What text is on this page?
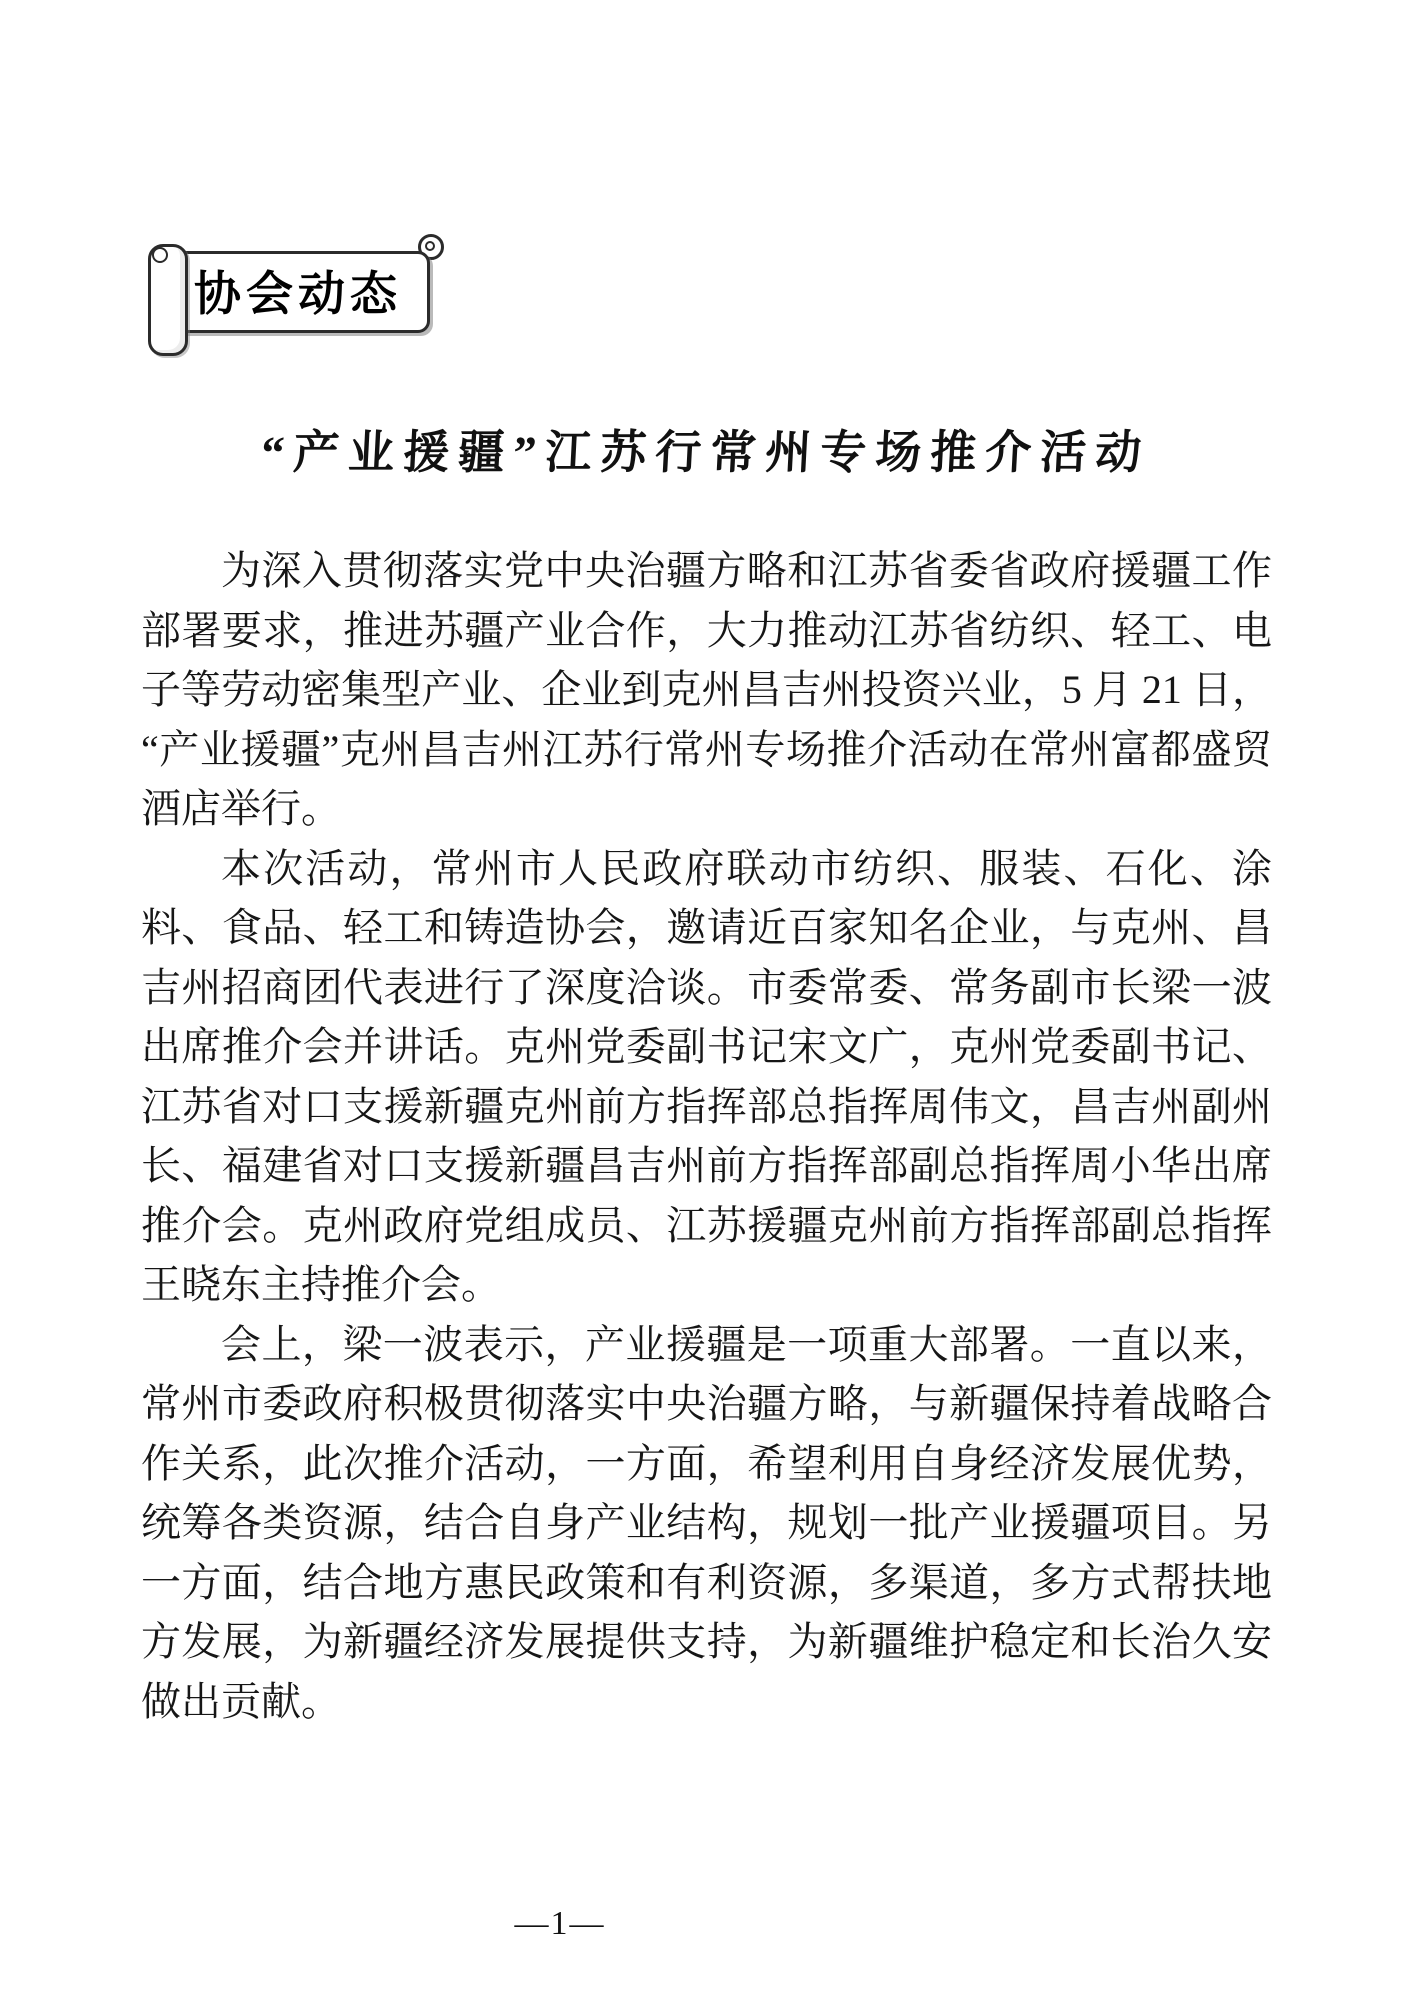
协会动态
“产业援疆”江苏行常州专场推介活动

为深入贯彻落实党中央治疆方略和江苏省委省政府援疆工作部署要求，推进苏疆产业合作，大力推动江苏省纺织、轻工、电子等劳动密集型产业、企业到克州昌吉州投资兴业，5 月 21 日，“产业援疆”克州昌吉州江苏行常州专场推介活动在常州富都盛贸酒店举行。

本次活动，常州市人民政府联动市纺织、服装、石化、涂料、食品、轻工和铸造协会，邀请近百家知名企业，与克州、昌吉州招商团代表进行了深度洽谈。市委常委、常务副市长梁一波出席推介会并讲话。克州党委副书记宋文广，克州党委副书记、江苏省对口支援新疆克州前方指挥部总指挥周伟文，昌吉州副州长、福建省对口支援新疆昌吉州前方指挥部副总指挥周小华出席推介会。克州政府党组成员、江苏援疆克州前方指挥部副总指挥王晓东主持推介会。

会上，梁一波表示，产业援疆是一项重大部署。一直以来，常州市委政府积极贯彻落实中央治疆方略，与新疆保持着战略合作关系，此次推介活动，一方面，希望利用自身经济发展优势，统筹各类资源，结合自身产业结构，规划一批产业援疆项目。另一方面，结合地方惠民政策和有利资源，多渠道，多方式帮扶地方发展，为新疆经济发展提供支持，为新疆维护稳定和长治久安做出贡献。

—1—
